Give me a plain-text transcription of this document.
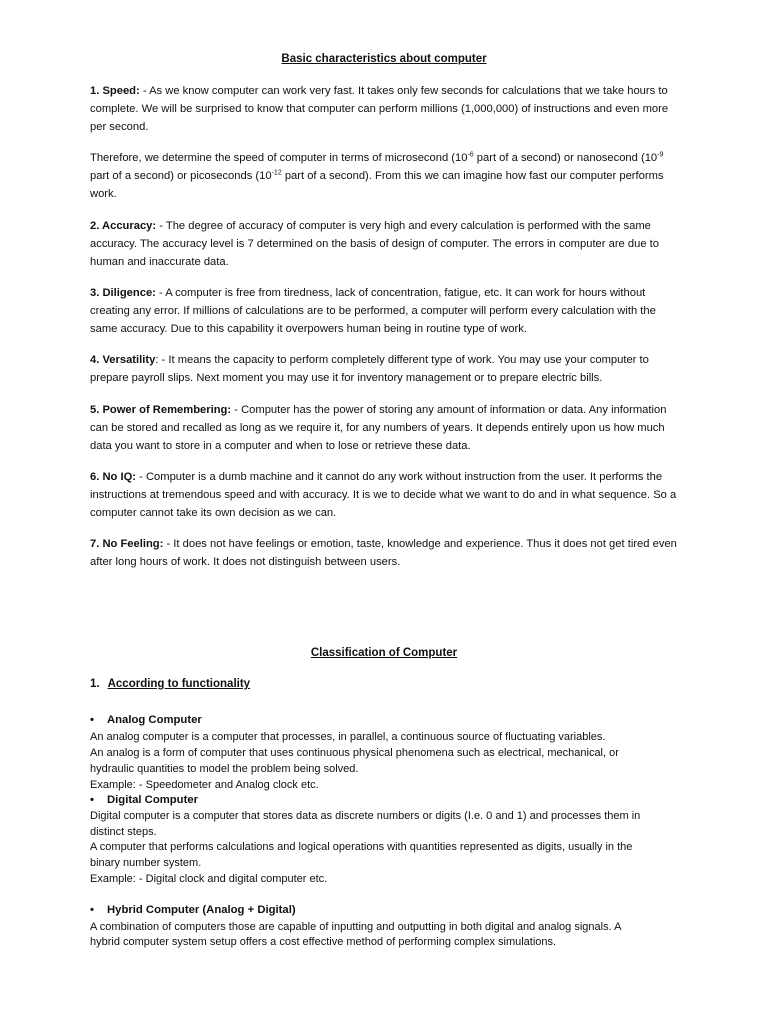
Basic characteristics about computer
1. Speed: - As we know computer can work very fast. It takes only few seconds for calculations that we take hours to complete. We will be surprised to know that computer can perform millions (1,000,000) of instructions and even more per second.
Therefore, we determine the speed of computer in terms of microsecond ($10^{-6}$ part of a second) or nanosecond ($10^{-9}$ part of a second) or picoseconds ($10^{-12}$ part of a second). From this we can imagine how fast our computer performs work.
2. Accuracy: - The degree of accuracy of computer is very high and every calculation is performed with the same accuracy. The accuracy level is 7 determined on the basis of design of computer. The errors in computer are due to human and inaccurate data.
3. Diligence: - A computer is free from tiredness, lack of concentration, fatigue, etc. It can work for hours without creating any error. If millions of calculations are to be performed, a computer will perform every calculation with the same accuracy. Due to this capability it overpowers human being in routine type of work.
4. Versatility: - It means the capacity to perform completely different type of work. You may use your computer to prepare payroll slips. Next moment you may use it for inventory management or to prepare electric bills.
5. Power of Remembering: - Computer has the power of storing any amount of information or data. Any information can be stored and recalled as long as we require it, for any numbers of years. It depends entirely upon us how much data you want to store in a computer and when to lose or retrieve these data.
6. No IQ: - Computer is a dumb machine and it cannot do any work without instruction from the user. It performs the instructions at tremendous speed and with accuracy. It is we to decide what we want to do and in what sequence. So a computer cannot take its own decision as we can.
7. No Feeling: - It does not have feelings or emotion, taste, knowledge and experience. Thus it does not get tired even after long hours of work. It does not distinguish between users.
Classification of Computer
1. According to functionality
• Analog Computer
An analog computer is a computer that processes, in parallel, a continuous source of fluctuating variables.
An analog is a form of computer that uses continuous physical phenomena such as electrical, mechanical, or
hydraulic quantities to model the problem being solved.
Example: - Speedometer and Analog clock etc.
• Digital Computer
Digital computer is a computer that stores data as discrete numbers or digits (I.e. 0 and 1) and processes them in
distinct steps.
A computer that performs calculations and logical operations with quantities represented as digits, usually in the
binary number system.
Example: - Digital clock and digital computer etc.
• Hybrid Computer (Analog + Digital)
A combination of computers those are capable of inputting and outputting in both digital and analog signals. A
hybrid computer system setup offers a cost effective method of performing complex simulations.
